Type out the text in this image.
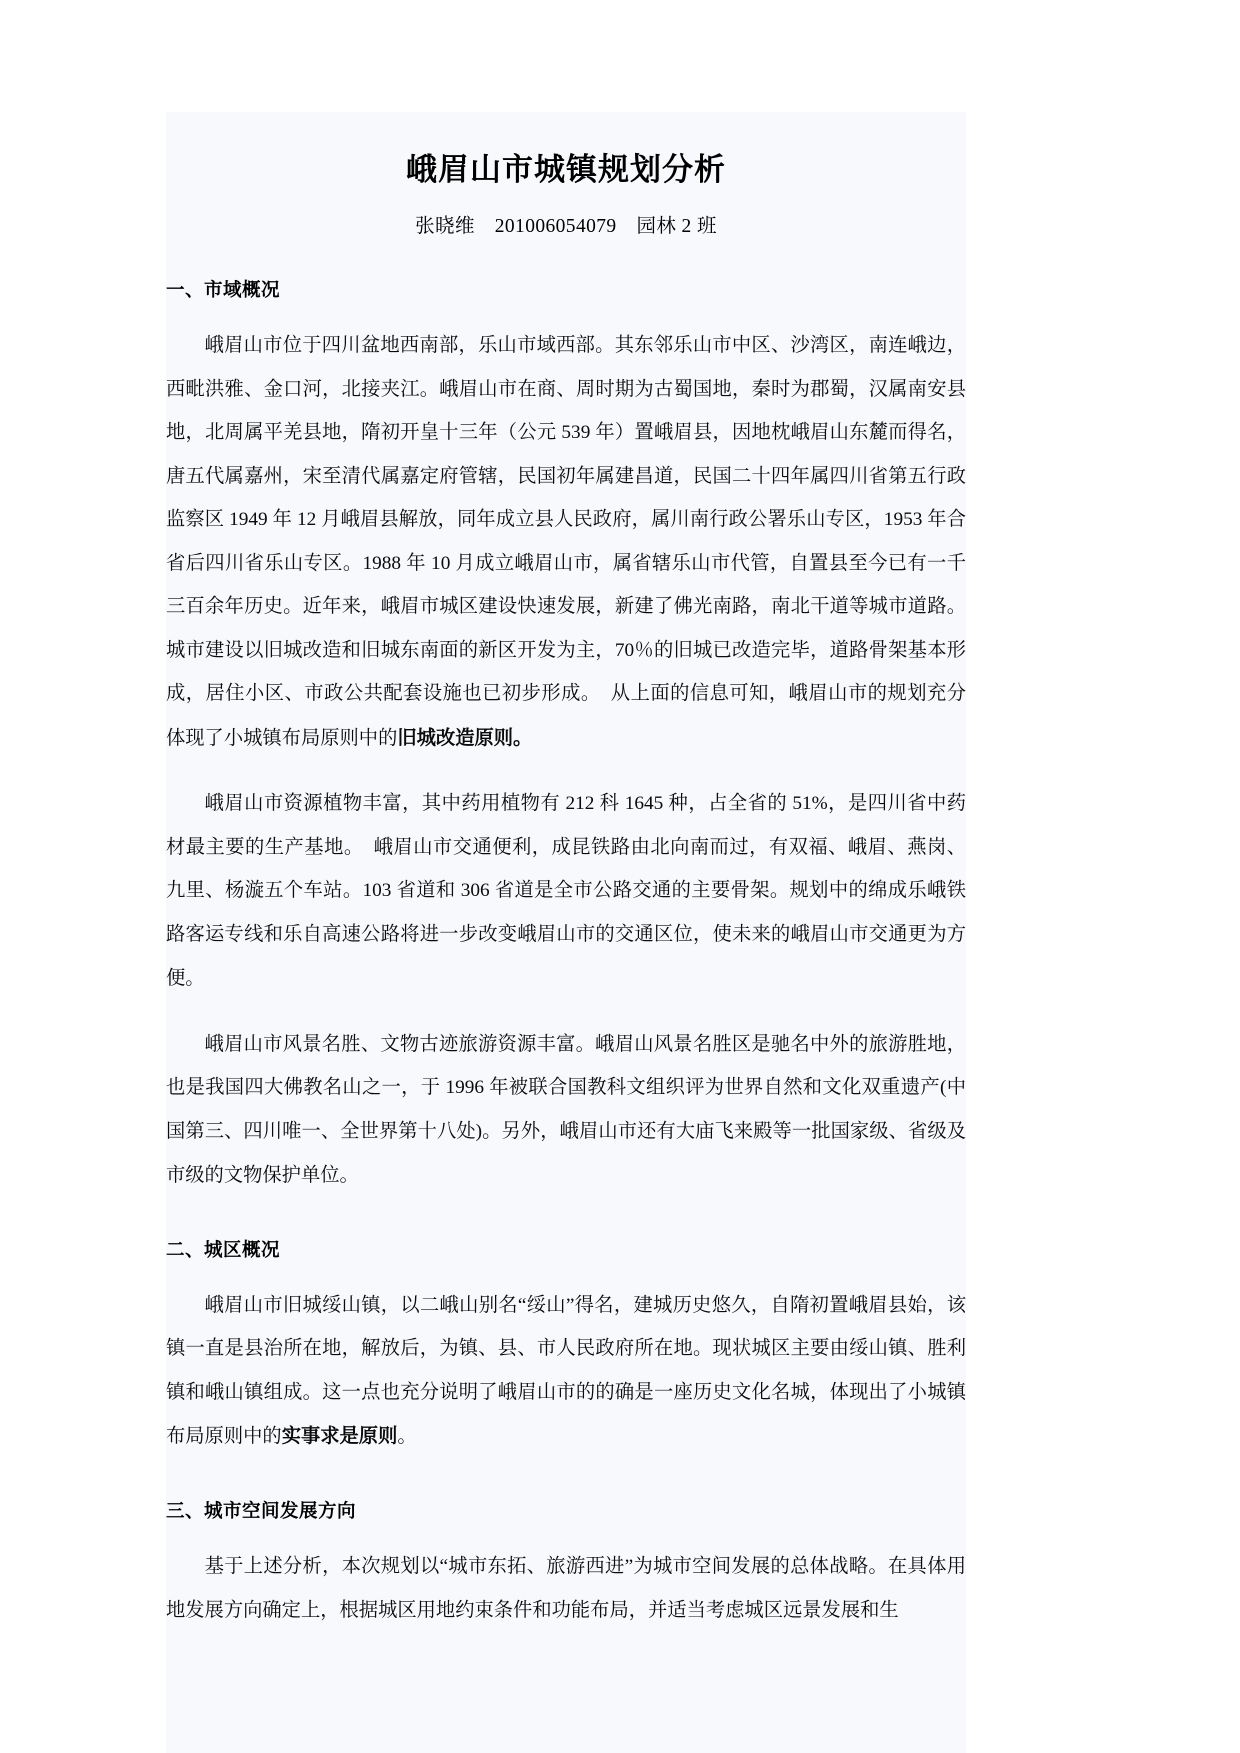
峨眉山市城镇规划分析
张晓维　201006054079　园林 2 班
一、市域概况

峨眉山市位于四川盆地西南部，乐山市域西部。其东邻乐山市中区、沙湾区，南连峨边，西毗洪雅、金口河，北接夹江。峨眉山市在商、周时期为古蜀国地，秦时为郡蜀，汉属南安县地，北周属平羌县地，隋初开皇十三年（公元 539 年）置峨眉县，因地枕峨眉山东麓而得名，唐五代属嘉州，宋至清代属嘉定府管辖，民国初年属建昌道，民国二十四年属四川省第五行政监察区 1949 年 12 月峨眉县解放，同年成立县人民政府，属川南行政公署乐山专区，1953 年合省后四川省乐山专区。1988 年 10 月成立峨眉山市，属省辖乐山市代管，自置县至今已有一千三百余年历史。近年来，峨眉市城区建设快速发展，新建了佛光南路，南北干道等城市道路。城市建设以旧城改造和旧城东南面的新区开发为主，70％的旧城已改造完毕，道路骨架基本形成，居住小区、市政公共配套设施也已初步形成。　从上面的信息可知，峨眉山市的规划充分体现了小城镇布局原则中的旧城改造原则。

峨眉山市资源植物丰富，其中药用植物有 212 科 1645 种，占全省的 51%，是四川省中药材最主要的生产基地。　峨眉山市交通便利，成昆铁路由北向南而过，有双福、峨眉、燕岗、九里、杨漩五个车站。103 省道和 306 省道是全市公路交通的主要骨架。规划中的绵成乐峨铁路客运专线和乐自高速公路将进一步改变峨眉山市的交通区位，使未来的峨眉山市交通更为方便。

峨眉山市风景名胜、文物古迹旅游资源丰富。峨眉山风景名胜区是驰名中外的旅游胜地，也是我国四大佛教名山之一，于 1996 年被联合国教科文组织评为世界自然和文化双重遗产(中国第三、四川唯一、全世界第十八处)。另外，峨眉山市还有大庙飞来殿等一批国家级、省级及市级的文物保护单位。

二、城区概况

峨眉山市旧城绥山镇，以二峨山别名“绥山”得名，建城历史悠久，自隋初置峨眉县始，该镇一直是县治所在地，解放后，为镇、县、市人民政府所在地。现状城区主要由绥山镇、胜利镇和峨山镇组成。这一点也充分说明了峨眉山市的的确是一座历史文化名城，体现出了小城镇布局原则中的实事求是原则。

三、城市空间发展方向

基于上述分析，本次规划以“城市东拓、旅游西进”为城市空间发展的总体战略。在具体用地发展方向确定上，根据城区用地约束条件和功能布局，并适当考虑城区远景发展和生
